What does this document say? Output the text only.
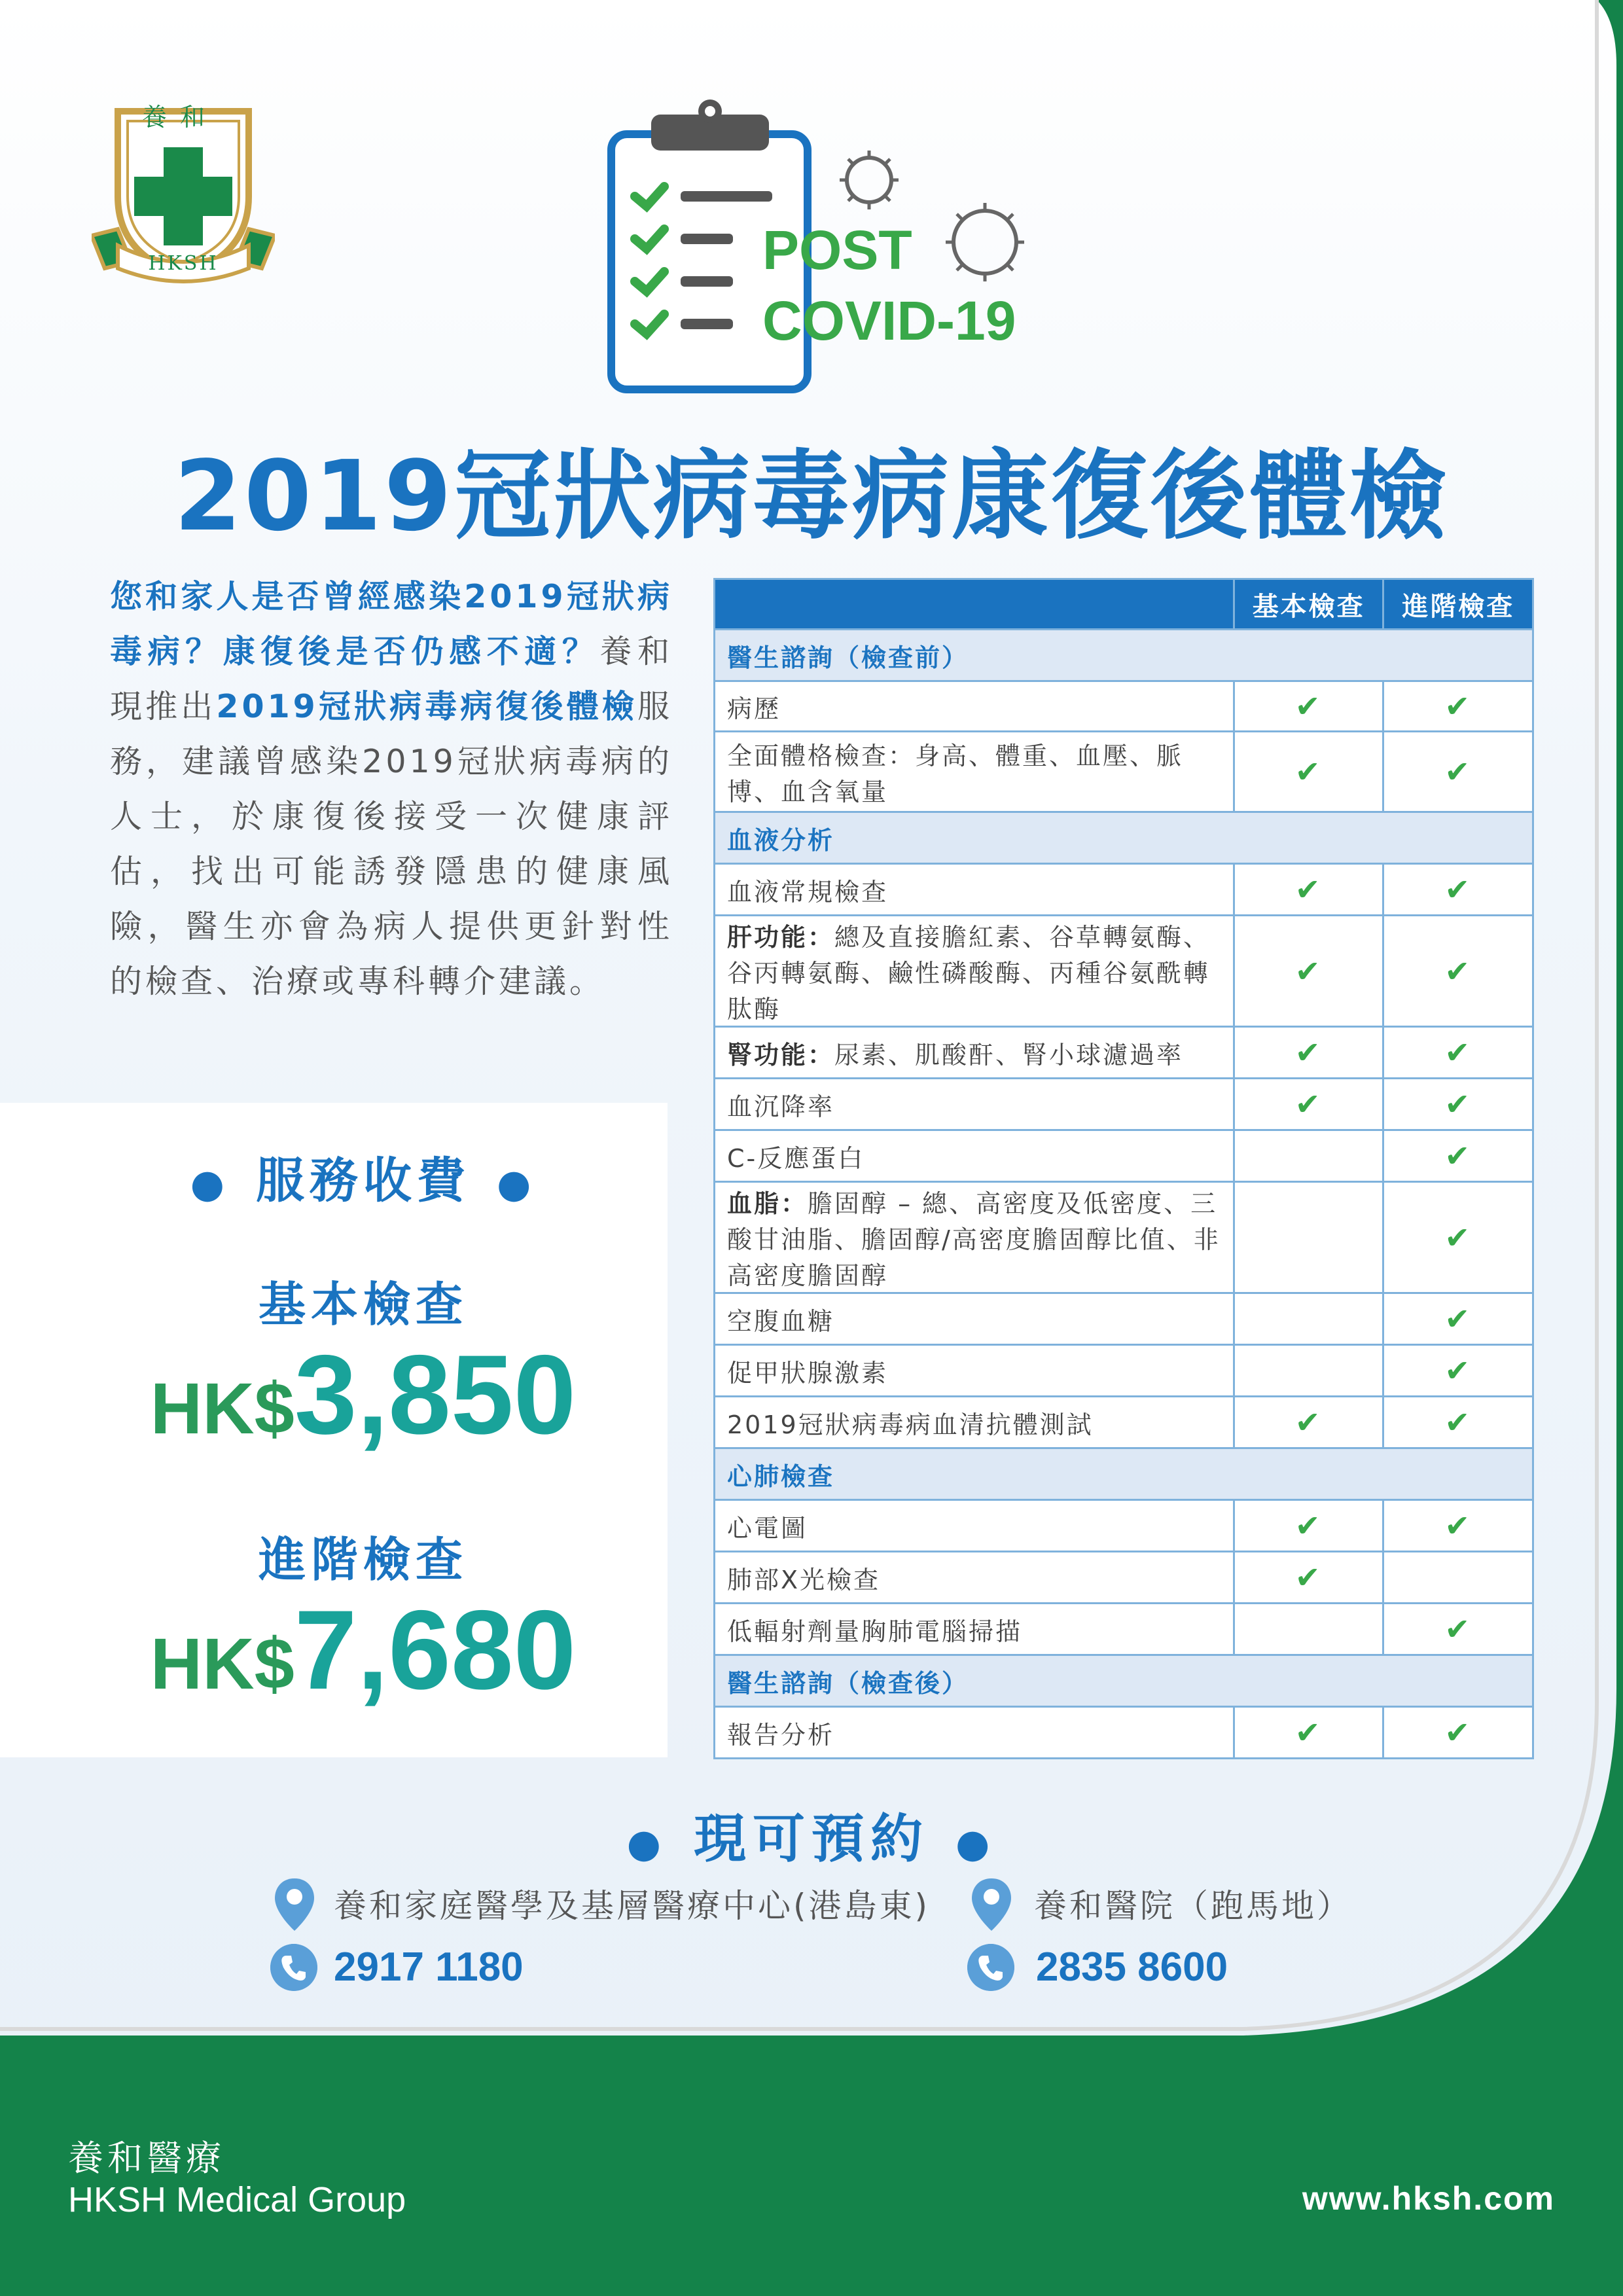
養和
HKSH	POST
COVID-19
2019冠狀病毒病康復後體檢
您和家人是否曾經感染2019冠狀病毒病？康復後是否仍感不適？養和現推出2019冠狀病毒病復後體檢服務，建議曾感染2019冠狀病毒病的人士，於康復後接受一次健康評估，找出可能誘發隱患的健康風險，醫生亦會為病人提供更針對性的檢查、治療或專科轉介建議。
● 服務收費 ●
基本檢查
HK$3,850
進階檢查
HK$7,680
	基本檢查	進階檢查
醫生諮詢（檢查前）		
病歷	✔	✔
全面體格檢查：身高、體重、血壓、脈博、血含氧量	✔	✔
血液分析		
血液常規檢查	✔	✔
肝功能：總及直接膽紅素、谷草轉氨酶、谷丙轉氨酶、鹼性磷酸酶、丙種谷氨酰轉肽酶	✔	✔
腎功能：尿素、肌酸酐、腎小球濾過率	✔	✔
血沉降率	✔	✔
C-反應蛋白		✔
血脂：膽固醇 – 總、高密度及低密度、三酸甘油脂、膽固醇/高密度膽固醇比值、非高密度膽固醇		✔
空腹血糖		✔
促甲狀腺激素		✔
2019冠狀病毒病血清抗體測試	✔	✔
心肺檢查		
心電圖	✔	✔
肺部X光檢查	✔	
低輻射劑量胸肺電腦掃描		✔
醫生諮詢（檢查後）		
報告分析	✔	✔
● 現可預約 ●
養和家庭醫學及基層醫療中心(港島東)
2917 1180
養和醫院（跑馬地）
2835 8600
養和醫療
HKSH Medical Group	www.hksh.com
